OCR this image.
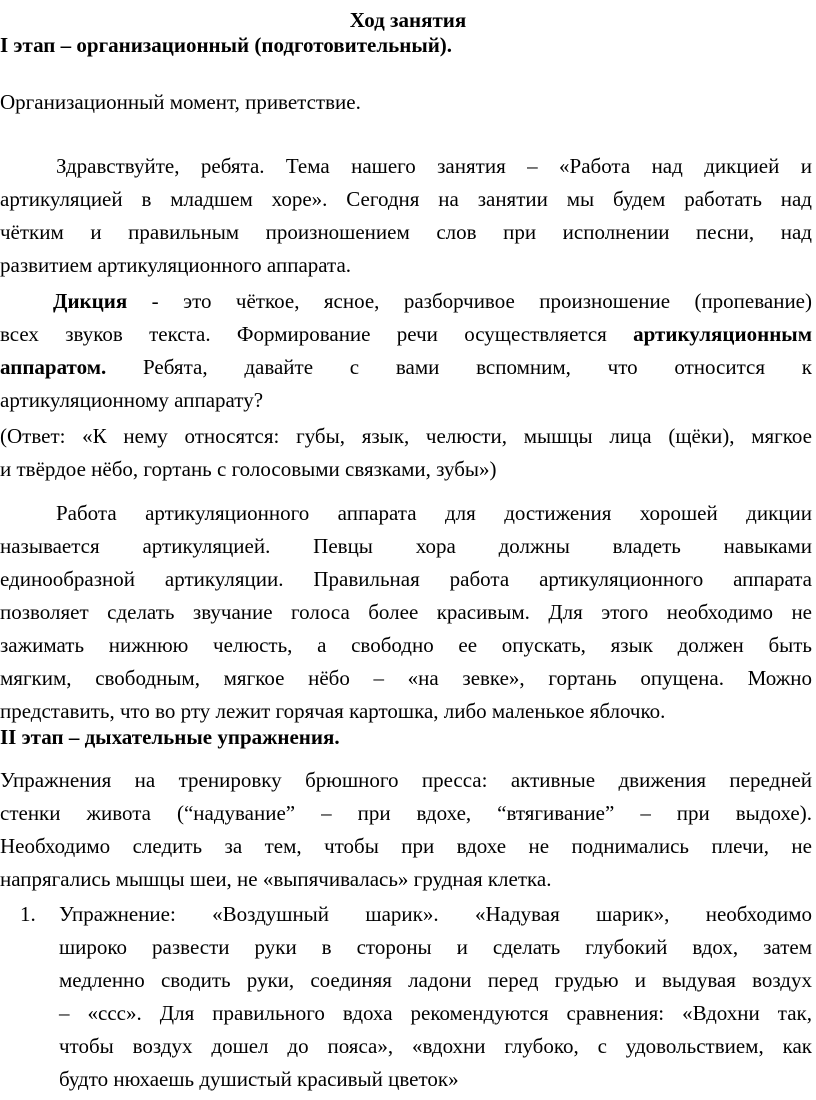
Ход занятия
I этап – организационный (подготовительный).
Организационный момент, приветствие.
Здравствуйте, ребята. Тема нашего занятия – «Работа над дикцией и
артикуляцией в младшем хоре». Сегодня на занятии мы будем работать над
чётким и правильным произношением слов при исполнении песни, над
развитием артикуляционного аппарата.
Дикция - это чёткое, ясное, разборчивое произношение (пропевание)
всех звуков текста. Формирование речи осуществляется артикуляционным
аппаратом. Ребята, давайте с вами вспомним, что относится к
артикуляционному аппарату?
(Ответ: «К нему относятся: губы, язык, челюсти, мышцы лица (щёки), мягкое
и твёрдое нёбо, гортань с голосовыми связками, зубы»)
Работа артикуляционного аппарата для достижения хорошей дикции
называется артикуляцией. Певцы хора должны владеть навыками
единообразной артикуляции. Правильная работа артикуляционного аппарата
позволяет сделать звучание голоса более красивым. Для этого необходимо не
зажимать нижнюю челюсть, а свободно ее опускать, язык должен быть
мягким, свободным, мягкое нёбо – «на зевке», гортань опущена. Можно
представить, что во рту лежит горячая картошка, либо маленькое яблочко.
II этап – дыхательные упражнения.
Упражнения на тренировку брюшного пресса: активные движения передней
стенки живота (“надувание” – при вдохе, “втягивание” – при выдохе).
Необходимо следить за тем, чтобы при вдохе не поднимались плечи, не
напрягались мышцы шеи, не «выпячивалась» грудная клетка.
1. Упражнение: «Воздушный шарик». «Надувая шарик», необходимо
широко развести руки в стороны и сделать глубокий вдох, затем
медленно сводить руки, соединяя ладони перед грудью и выдувая воздух
– «ссс». Для правильного вдоха рекомендуются сравнения: «Вдохни так,
чтобы воздух дошел до пояса», «вдохни глубоко, с удовольствием, как
будто нюхаешь душистый красивый цветок»
